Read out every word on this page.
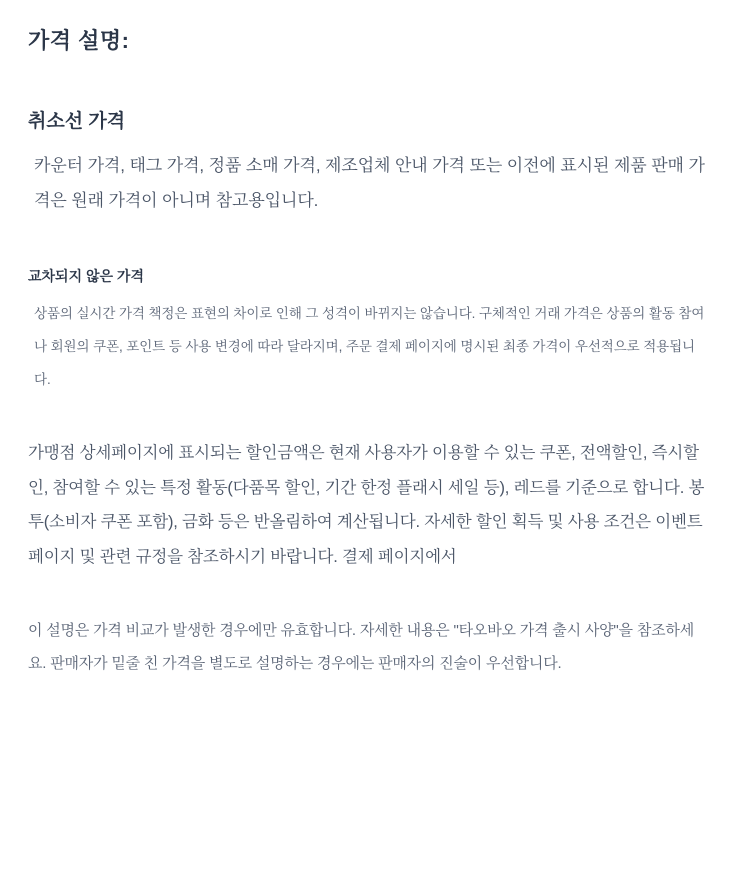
가격 설명:
취소선 가격

카운터 가격, 태그 가격, 정품 소매 가격, 제조업체 안내 가격 또는 이전에 표시된 제품 판매 가격은 원래 가격이 아니며 참고용입니다.

교차되지 않은 가격

상품의 실시간 가격 책정은 표현의 차이로 인해 그 성격이 바뀌지는 않습니다. 구체적인 거래 가격은 상품의 활동 참여나 회원의 쿠폰, 포인트 등 사용 변경에 따라 달라지며, 주문 결제 페이지에 명시된 최종 가격이 우선적으로 적용됩니다.

가맹점 상세페이지에 표시되는 할인금액은 현재 사용자가 이용할 수 있는 쿠폰, 전액할인, 즉시할인, 참여할 수 있는 특정 활동(다품목 할인, 기간 한정 플래시 세일 등), 레드를 기준으로 합니다. 봉투(소비자 쿠폰 포함), 금화 등은 반올림하여 계산됩니다. 자세한 할인 획득 및 사용 조건은 이벤트 페이지 및 관련 규정을 참조하시기 바랍니다. 결제 페이지에서

이 설명은 가격 비교가 발생한 경우에만 유효합니다. 자세한 내용은 "타오바오 가격 출시 사양"을 참조하세요. 판매자가 밑줄 친 가격을 별도로 설명하는 경우에는 판매자의 진술이 우선합니다.
